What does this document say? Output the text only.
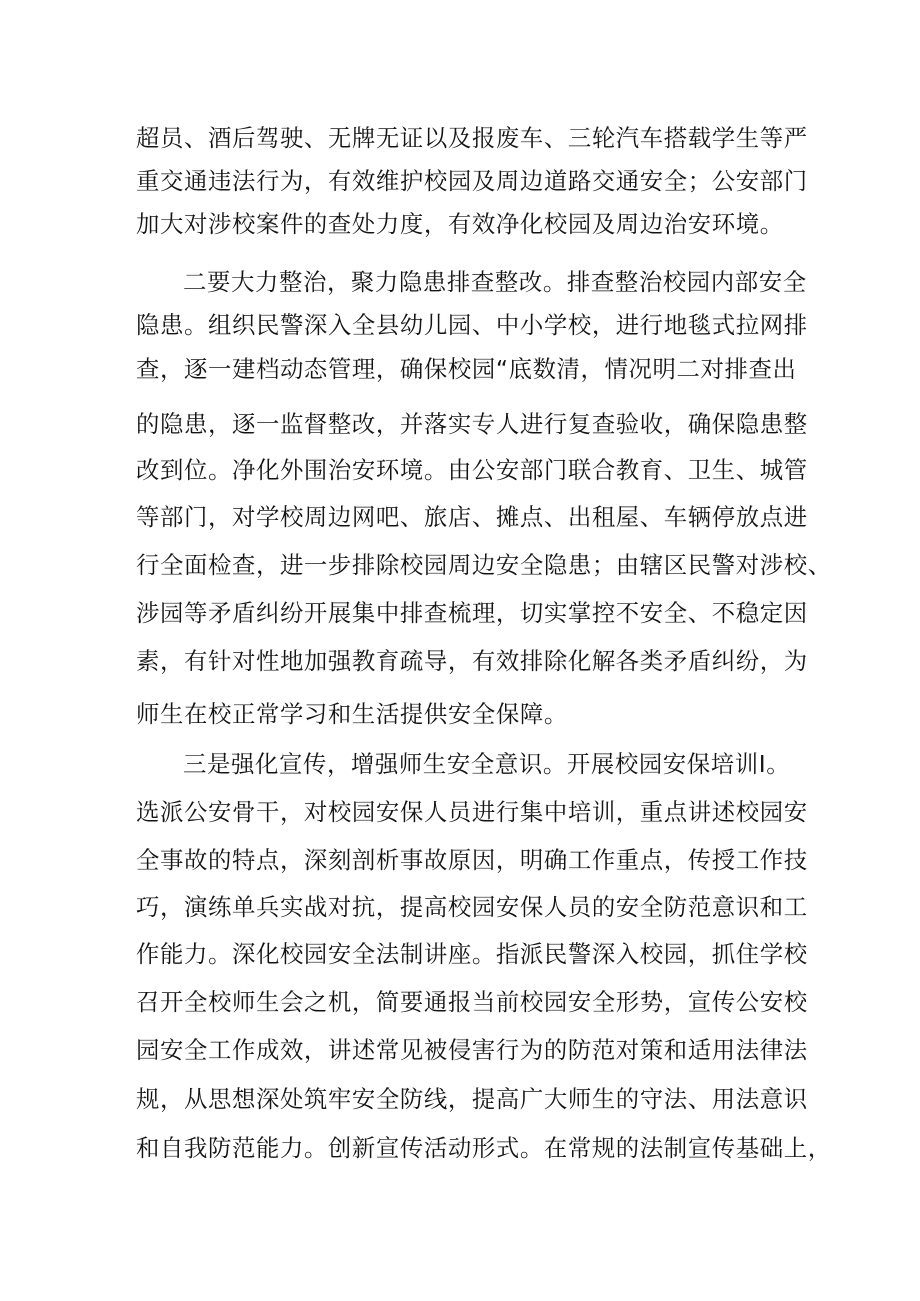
超员、酒后驾驶、无牌无证以及报废车、三轮汽车搭载学生等严
重交通违法行为，有效维护校园及周边道路交通安全；公安部门
加大对涉校案件的查处力度，有效净化校园及周边治安环境。
二要大力整治，聚力隐患排查整改。排查整治校园内部安全
隐患。组织民警深入全县幼儿园、中小学校，进行地毯式拉网排
查，逐一建档动态管理，确保校园“底数清，情况明二对排查出
的隐患，逐一监督整改，并落实专人进行复查验收，确保隐患整
改到位。净化外围治安环境。由公安部门联合教育、卫生、城管
等部门，对学校周边网吧、旅店、摊点、出租屋、车辆停放点进
行全面检查，进一步排除校园周边安全隐患；由辖区民警对涉校、
涉园等矛盾纠纷开展集中排查梳理，切实掌控不安全、不稳定因
素，有针对性地加强教育疏导，有效排除化解各类矛盾纠纷，为
师生在校正常学习和生活提供安全保障。
三是强化宣传，增强师生安全意识。开展校园安保培训Ⅰ。
选派公安骨干，对校园安保人员进行集中培训，重点讲述校园安
全事故的特点，深刻剖析事故原因，明确工作重点，传授工作技
巧，演练单兵实战对抗，提高校园安保人员的安全防范意识和工
作能力。深化校园安全法制讲座。指派民警深入校园，抓住学校
召开全校师生会之机，简要通报当前校园安全形势，宣传公安校
园安全工作成效，讲述常见被侵害行为的防范对策和适用法律法
规，从思想深处筑牢安全防线，提高广大师生的守法、用法意识
和自我防范能力。创新宣传活动形式。在常规的法制宣传基础上，
